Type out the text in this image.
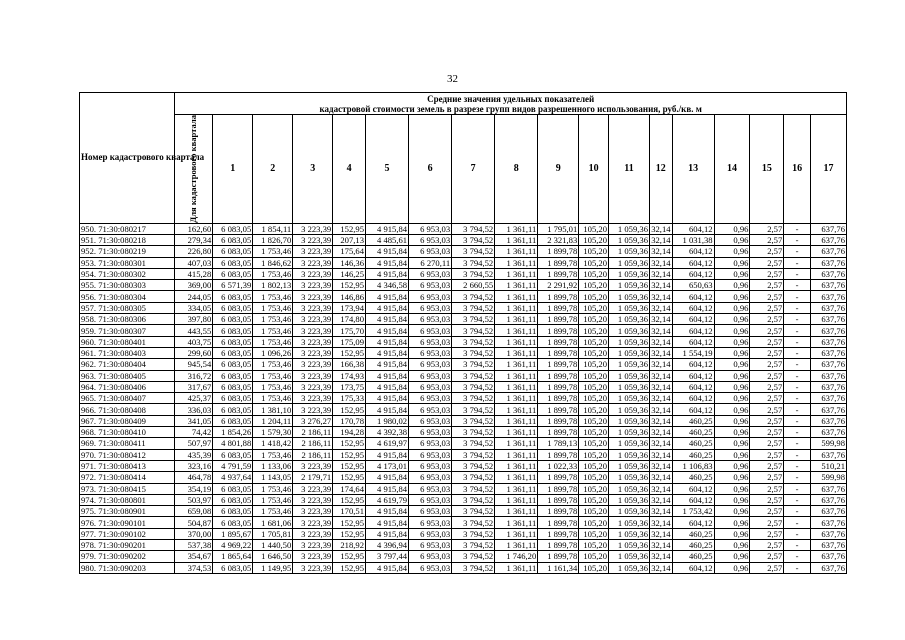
32
Номер кадастрового квартала	Средние значения удельных показателей
кадастровой стоимости земель в разрезе групп видов разрешенного использования, руб./кв. м																	

	Для кадастрового квартала	1	2	3	4	5	6	7	8	9	10	11	12	13	14	15	16	17
950. 71:30:080217	162,60	6 083,05	1 854,11	3 223,39	152,95	4 915,84	6 953,03	3 794,52	1 361,11	1 795,01	105,20	1 059,36	32,14	604,12	0,96	2,57	-	637,76
951. 71:30:080218	279,34	6 083,05	1 826,70	3 223,39	207,13	4 485,61	6 953,03	3 794,52	1 361,11	2 321,83	105,20	1 059,36	32,14	1 031,38	0,96	2,57	-	637,76
952. 71:30:080219	226,80	6 083,05	1 753,46	3 223,39	175,64	4 915,84	6 953,03	3 794,52	1 361,11	1 899,78	105,20	1 059,36	32,14	604,12	0,96	2,57	-	637,76
953. 71:30:080301	407,03	6 083,05	1 846,62	3 223,39	146,36	4 915,84	6 270,11	3 794,52	1 361,11	1 899,78	105,20	1 059,36	32,14	604,12	0,96	2,57	-	637,76
954. 71:30:080302	415,28	6 083,05	1 753,46	3 223,39	146,25	4 915,84	6 953,03	3 794,52	1 361,11	1 899,78	105,20	1 059,36	32,14	604,12	0,96	2,57	-	637,76
955. 71:30:080303	369,00	6 571,39	1 802,13	3 223,39	152,95	4 346,58	6 953,03	2 660,55	1 361,11	2 291,92	105,20	1 059,36	32,14	650,63	0,96	2,57	-	637,76
956. 71:30:080304	244,05	6 083,05	1 753,46	3 223,39	146,86	4 915,84	6 953,03	3 794,52	1 361,11	1 899,78	105,20	1 059,36	32,14	604,12	0,96	2,57	-	637,76
957. 71:30:080305	334,05	6 083,05	1 753,46	3 223,39	173,94	4 915,84	6 953,03	3 794,52	1 361,11	1 899,78	105,20	1 059,36	32,14	604,12	0,96	2,57	-	637,76
958. 71:30:080306	397,80	6 083,05	1 753,46	3 223,39	174,80	4 915,84	6 953,03	3 794,52	1 361,11	1 899,78	105,20	1 059,36	32,14	604,12	0,96	2,57	-	637,76
959. 71:30:080307	443,55	6 083,05	1 753,46	3 223,39	175,70	4 915,84	6 953,03	3 794,52	1 361,11	1 899,78	105,20	1 059,36	32,14	604,12	0,96	2,57	-	637,76
960. 71:30:080401	403,75	6 083,05	1 753,46	3 223,39	175,09	4 915,84	6 953,03	3 794,52	1 361,11	1 899,78	105,20	1 059,36	32,14	604,12	0,96	2,57	-	637,76
961. 71:30:080403	299,60	6 083,05	1 096,26	3 223,39	152,95	4 915,84	6 953,03	3 794,52	1 361,11	1 899,78	105,20	1 059,36	32,14	1 554,19	0,96	2,57	-	637,76
962. 71:30:080404	945,54	6 083,05	1 753,46	3 223,39	166,38	4 915,84	6 953,03	3 794,52	1 361,11	1 899,78	105,20	1 059,36	32,14	604,12	0,96	2,57	-	637,76
963. 71:30:080405	316,72	6 083,05	1 753,46	3 223,39	174,93	4 915,84	6 953,03	3 794,52	1 361,11	1 899,78	105,20	1 059,36	32,14	604,12	0,96	2,57	-	637,76
964. 71:30:080406	317,67	6 083,05	1 753,46	3 223,39	173,75	4 915,84	6 953,03	3 794,52	1 361,11	1 899,78	105,20	1 059,36	32,14	604,12	0,96	2,57	-	637,76
965. 71:30:080407	425,37	6 083,05	1 753,46	3 223,39	175,33	4 915,84	6 953,03	3 794,52	1 361,11	1 899,78	105,20	1 059,36	32,14	604,12	0,96	2,57	-	637,76
966. 71:30:080408	336,03	6 083,05	1 381,10	3 223,39	152,95	4 915,84	6 953,03	3 794,52	1 361,11	1 899,78	105,20	1 059,36	32,14	604,12	0,96	2,57	-	637,76
967. 71:30:080409	341,05	6 083,05	1 204,11	3 276,27	170,78	1 980,02	6 953,03	3 794,52	1 361,11	1 899,78	105,20	1 059,36	32,14	460,25	0,96	2,57	-	637,76
968. 71:30:080410	74,42	1 854,26	1 579,30	2 186,11	194,28	4 392,38	6 953,03	3 794,52	1 361,11	1 899,78	105,20	1 059,36	32,14	460,25	0,96	2,57	-	637,76
969. 71:30:080411	507,97	4 801,88	1 418,42	2 186,11	152,95	4 619,97	6 953,03	3 794,52	1 361,11	1 789,13	105,20	1 059,36	32,14	460,25	0,96	2,57	-	599,98
970. 71:30:080412	435,39	6 083,05	1 753,46	2 186,11	152,95	4 915,84	6 953,03	3 794,52	1 361,11	1 899,78	105,20	1 059,36	32,14	460,25	0,96	2,57	-	637,76
971. 71:30:080413	323,16	4 791,59	1 133,06	3 223,39	152,95	4 173,01	6 953,03	3 794,52	1 361,11	1 022,33	105,20	1 059,36	32,14	1 106,83	0,96	2,57	-	510,21
972. 71:30:080414	464,78	4 937,64	1 143,05	2 179,71	152,95	4 915,84	6 953,03	3 794,52	1 361,11	1 899,78	105,20	1 059,36	32,14	460,25	0,96	2,57	-	599,98
973. 71:30:080415	354,19	6 083,05	1 753,46	3 223,39	174,64	4 915,84	6 953,03	3 794,52	1 361,11	1 899,78	105,20	1 059,36	32,14	604,12	0,96	2,57	-	637,76
974. 71:30:080801	503,97	6 083,05	1 753,46	3 223,39	152,95	4 619,79	6 953,03	3 794,52	1 361,11	1 899,78	105,20	1 059,36	32,14	604,12	0,96	2,57	-	637,76
975. 71:30:080901	659,08	6 083,05	1 753,46	3 223,39	170,51	4 915,84	6 953,03	3 794,52	1 361,11	1 899,78	105,20	1 059,36	32,14	1 753,42	0,96	2,57	-	637,76
976. 71:30:090101	504,87	6 083,05	1 681,06	3 223,39	152,95	4 915,84	6 953,03	3 794,52	1 361,11	1 899,78	105,20	1 059,36	32,14	604,12	0,96	2,57	-	637,76
977. 71:30:090102	370,00	1 895,67	1 705,81	3 223,39	152,95	4 915,84	6 953,03	3 794,52	1 361,11	1 899,78	105,20	1 059,36	32,14	460,25	0,96	2,57	-	637,76
978. 71:30:090201	537,38	4 969,22	1 440,50	3 223,39	218,92	4 396,94	6 953,03	3 794,52	1 361,11	1 899,78	105,20	1 059,36	32,14	460,25	0,96	2,57	-	637,76
979. 71:30:090202	354,67	1 865,64	1 646,50	3 223,39	152,95	3 797,44	6 953,03	3 794,52	1 746,20	1 899,78	105,20	1 059,36	32,14	460,25	0,96	2,57	-	637,76
980. 71:30:090203	374,53	6 083,05	1 149,95	3 223,39	152,95	4 915,84	6 953,03	3 794,52	1 361,11	1 161,34	105,20	1 059,36	32,14	604,12	0,96	2,57	-	637,76
